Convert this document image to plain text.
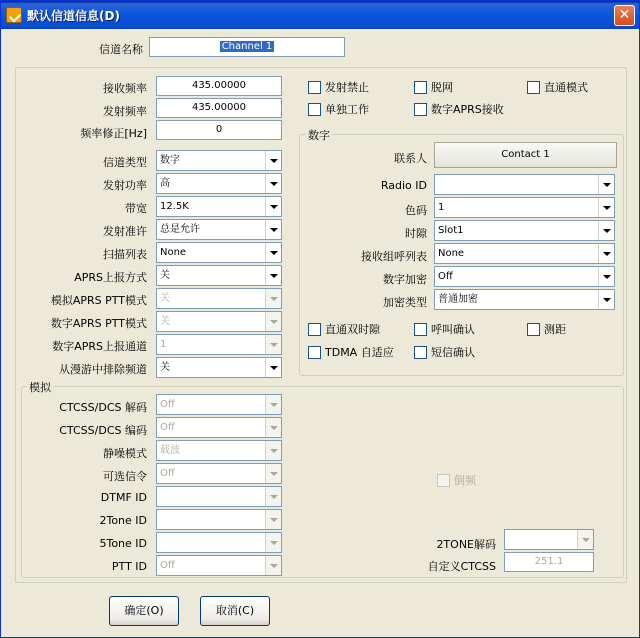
默认信道信息(D)	✕
信道名称	Channel 1
接收频率	435.00000
发射频率	435.00000
频率修正[Hz]	0
信道类型 数字
发射功率 高
带宽 12.5K
发射准许 总是允许
扫描列表 None
APRS上报方式 关
模拟APRS PTT模式 关
数字APRS PTT模式 关
数字APRS上报通道 1
从漫游中排除频道 关
发射禁止	脱网	直通模式
单独工作	数字APRS接收
数字
联系人	Contact 1
Radio ID
色码 1
时隙 Slot1
接收组呼列表 None
数字加密 Off
加密类型 普通加密
直通双时隙	呼叫确认	测距
TDMA 自适应	短信确认
模拟
CTCSS/DCS 解码 Off
CTCSS/DCS 编码 Off
静噪模式 载波
可选信令 Off
DTMF ID
2Tone ID
5Tone ID
PTT ID Off
倒频
2TONE解码
自定义CTCSS	251.1
确定(O)	取消(C)
